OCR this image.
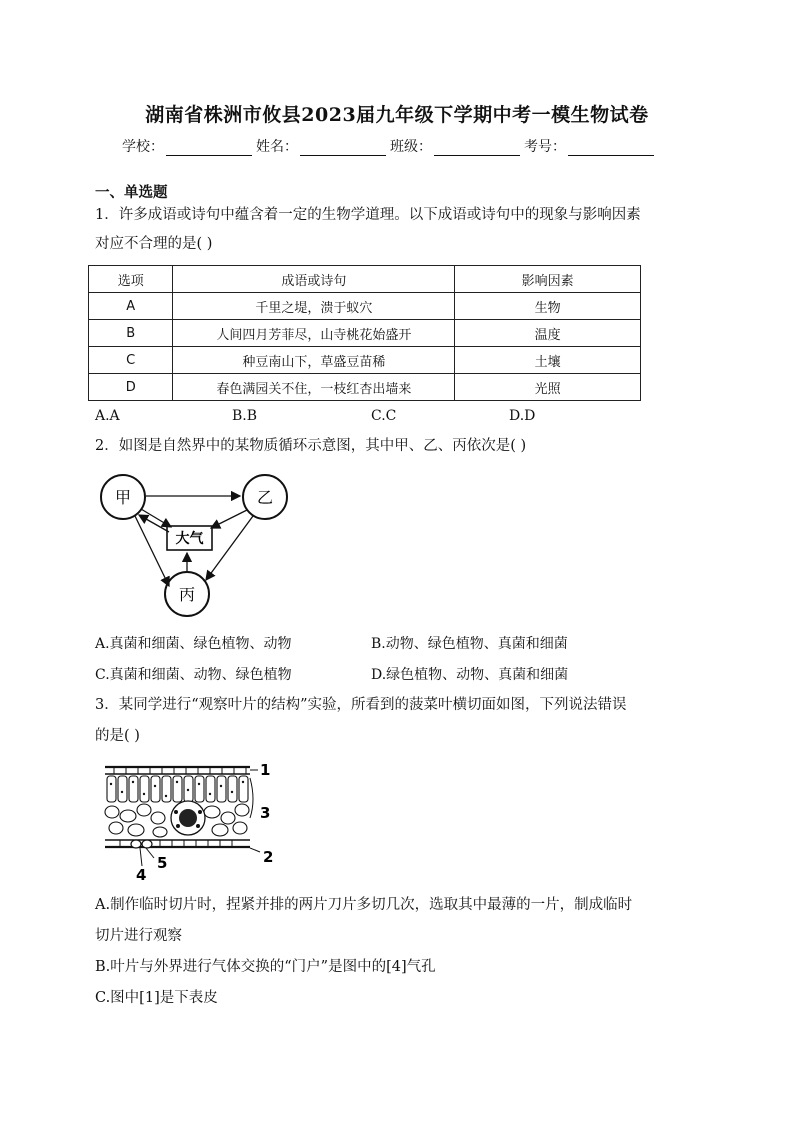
湖南省株洲市攸县2023届九年级下学期中考一模生物试卷
学校：	姓名：	班级：	考号：
一、单选题
1．许多成语或诗句中蕴含着一定的生物学道理。以下成语或诗句中的现象与影响因素
对应不合理的是( )
选项	成语或诗句	影响因素
A	千里之堤，溃于蚁穴	生物
B	人间四月芳菲尽，山寺桃花始盛开	温度
C	种豆南山下，草盛豆苗稀	土壤
D	春色满园关不住，一枝红杏出墙来	光照
A.A	B.B	C.C	D.D
2．如图是自然界中的某物质循环示意图，其中甲、乙、丙依次是( )
甲	乙
丙
大气
A.真菌和细菌、绿色植物、动物	B.动物、绿色植物、真菌和细菌
C.真菌和细菌、动物、绿色植物	D.绿色植物、动物、真菌和细菌
3．某同学进行“观察叶片的结构”实验，所看到的菠菜叶横切面如图，下列说法错误
的是( )
1
2
3
4
5
A.制作临时切片时，捏紧并排的两片刀片多切几次，选取其中最薄的一片，制成临时
切片进行观察
B.叶片与外界进行气体交换的“门户”是图中的[4]气孔
C.图中[1]是下表皮
